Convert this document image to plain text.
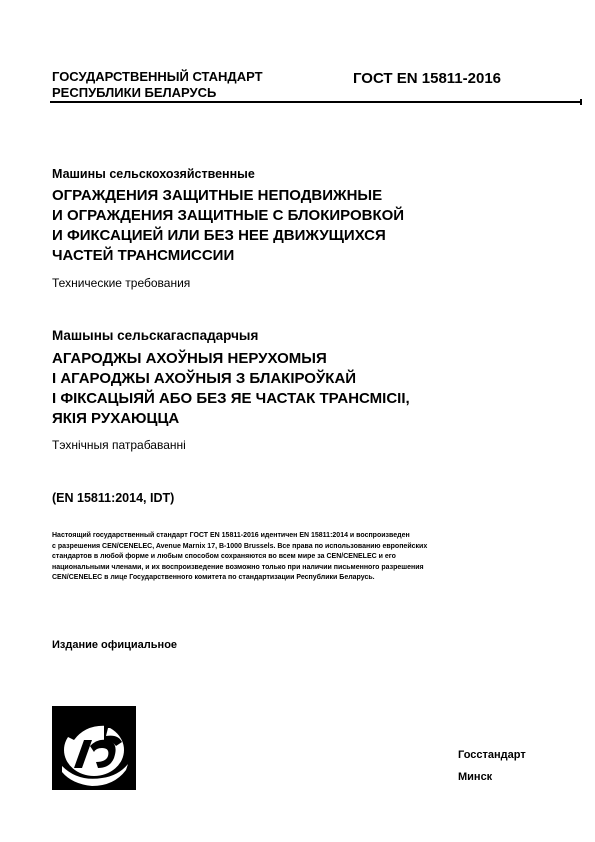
ГОСУДАРСТВЕННЫЙ СТАНДАРТ
РЕСПУБЛИКИ БЕЛАРУСЬ
ГОСТ EN 15811-2016
Машины сельскохозяйственные
ОГРАЖДЕНИЯ ЗАЩИТНЫЕ НЕПОДВИЖНЫЕ
И ОГРАЖДЕНИЯ ЗАЩИТНЫЕ С БЛОКИРОВКОЙ
И ФИКСАЦИЕЙ ИЛИ БЕЗ НЕЕ ДВИЖУЩИХСЯ
ЧАСТЕЙ ТРАНСМИССИИ
Технические требования
Машыны сельскагаспадарчыя
АГАРОДЖЫ АХОЎНЫЯ НЕРУХОМЫЯ
І АГАРОДЖЫ АХОЎНЫЯ З БЛАКІРОЎКАЙ
І ФІКСАЦЫЯЙ АБО БЕЗ ЯЕ ЧАСТАК ТРАНСМІСІІ,
ЯКІЯ РУХАЮЦЦА
Тэхнічныя патрабаванні
(EN 15811:2014, IDT)
Настоящий государственный стандарт ГОСТ EN 15811-2016 идентичен EN 15811:2014 и воспроизведен
с разрешения CEN/CENELEC, Avenue Marnix 17, B-1000 Brussels. Все права по использованию европейских
стандартов в любой форме и любым способом сохраняются во всем мире за CEN/CENELEC и его
национальными членами, и их воспроизведение возможно только при наличии письменного разрешения
CEN/CENELEC в лице Государственного комитета по стандартизации Республики Беларусь.
Издание официальное
Госстандарт
Минск
